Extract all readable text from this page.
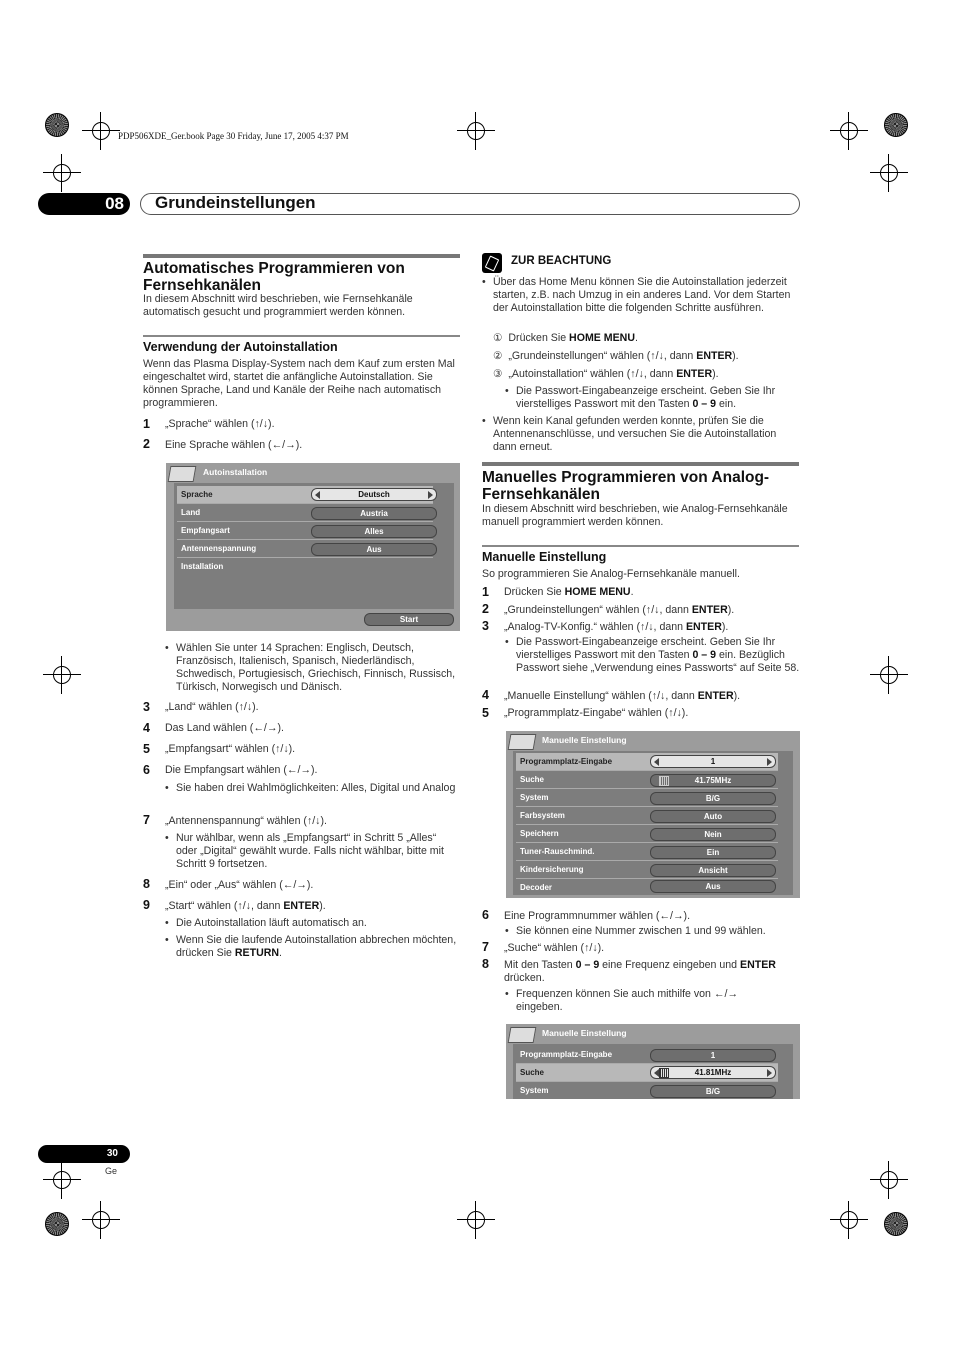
PDP506XDE_Ger.book Page 30 Friday, June 17, 2005 4:37 PM
08	Grundeinstellungen
Automatisches Programmieren von Fernsehkanälen
In diesem Abschnitt wird beschrieben, wie Fernsehkanäle automatisch gesucht und programmiert werden können.
Verwendung der Autoinstallation
Wenn das Plasma Display-System nach dem Kauf zum ersten Mal eingeschaltet wird, startet die anfängliche Autoinstallation. Sie können Sprache, Land und Kanäle der Reihe nach automatisch programmieren.
1 „Sprache“ wählen (↑/↓).
2 Eine Sprache wählen (←/→).
Autoinstallation
Sprache	Deutsch
Land	Austria
Empfangsart	Alles
Antennenspannung	Aus
Installation
Start
• Wählen Sie unter 14 Sprachen: Englisch, Deutsch, Französisch, Italienisch, Spanisch, Niederländisch, Schwedisch, Portugiesisch, Griechisch, Finnisch, Russisch, Türkisch, Norwegisch und Dänisch.
3 „Land“ wählen (↑/↓).
4 Das Land wählen (←/→).
5 „Empfangsart“ wählen (↑/↓).
6 Die Empfangsart wählen (←/→).
• Sie haben drei Wahlmöglichkeiten: Alles, Digital und Analog
7 „Antennenspannung“ wählen (↑/↓).
• Nur wählbar, wenn als „Empfangsart“ in Schritt 5 „Alles“ oder „Digital“ gewählt wurde. Falls nicht wählbar, bitte mit Schritt 9 fortsetzen.
8 „Ein“ oder „Aus“ wählen (←/→).
9 „Start“ wählen (↑/↓, dann ENTER).
• Die Autoinstallation läuft automatisch an.
• Wenn Sie die laufende Autoinstallation abbrechen möchten, drücken Sie RETURN.
ZUR BEACHTUNG
• Über das Home Menu können Sie die Autoinstallation jederzeit starten, z.B. nach Umzug in ein anderes Land. Vor dem Starten der Autoinstallation bitte die folgenden Schritte ausführen.
① Drücken Sie HOME MENU.
② „Grundeinstellungen“ wählen (↑/↓, dann ENTER).
③ „Autoinstallation“ wählen (↑/↓, dann ENTER).
• Die Passwort-Eingabeanzeige erscheint. Geben Sie Ihr vierstelliges Passwort mit den Tasten 0 – 9 ein.
• Wenn kein Kanal gefunden werden konnte, prüfen Sie die Antennenanschlüsse, und versuchen Sie die Autoinstallation dann erneut.
Manuelles Programmieren von Analog-Fernsehkanälen
In diesem Abschnitt wird beschrieben, wie Analog-Fernsehkanäle manuell programmiert werden können.
Manuelle Einstellung
So programmieren Sie Analog-Fernsehkanäle manuell.
1 Drücken Sie HOME MENU.
2 „Grundeinstellungen“ wählen (↑/↓, dann ENTER).
3 „Analog-TV-Konfig.“ wählen (↑/↓, dann ENTER).
• Die Passwort-Eingabeanzeige erscheint. Geben Sie Ihr vierstelliges Passwort mit den Tasten 0 – 9 ein. Bezüglich Passwort siehe „Verwendung eines Passworts“ auf Seite 58.
4 „Manuelle Einstellung“ wählen (↑/↓, dann ENTER).
5 „Programmplatz-Eingabe“ wählen (↑/↓).
Manuelle Einstellung
Programmplatz-Eingabe	1
Suche	41.75MHz
System	B/G
Farbsystem	Auto
Speichern	Nein
Tuner-Rauschmind.	Ein
Kindersicherung	Ansicht
Decoder	Aus
6 Eine Programmnummer wählen (←/→).
• Sie können eine Nummer zwischen 1 und 99 wählen.
7 „Suche“ wählen (↑/↓).
8 Mit den Tasten 0 – 9 eine Frequenz eingeben und ENTER drücken.
• Frequenzen können Sie auch mithilfe von ←/→ eingeben.
Manuelle Einstellung
Programmplatz-Eingabe	1
Suche	41.81MHz
System	B/G
30
Ge
